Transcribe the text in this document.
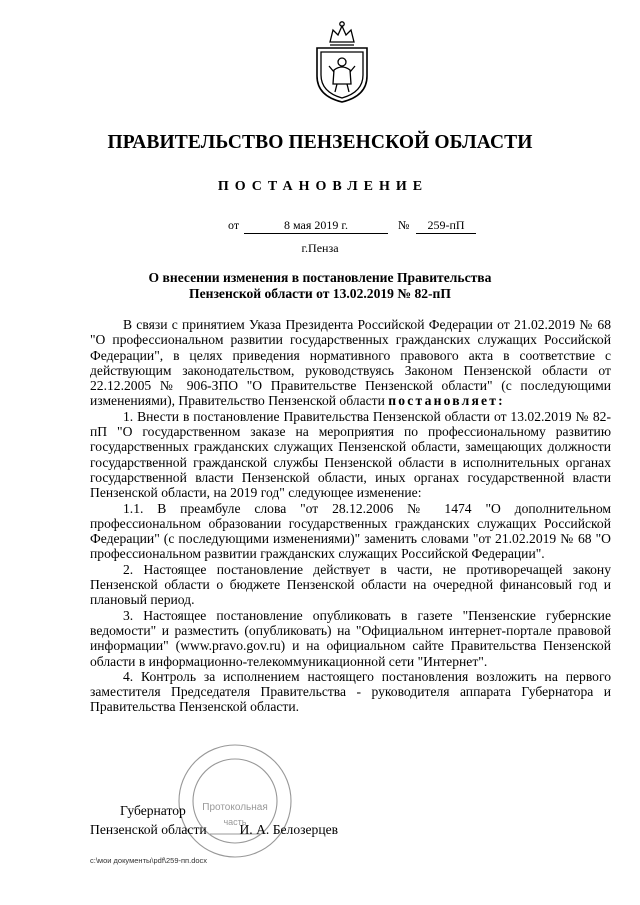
ПРАВИТЕЛЬСТВО ПЕНЗЕНСКОЙ ОБЛАСТИ
ПОСТАНОВЛЕНИЕ
от	8 мая 2019 г.	№	259-пП
г.Пенза
О внесении изменения в постановление Правительства
Пензенской области от 13.02.2019 № 82-пП

В связи с принятием Указа Президента Российской Федерации от 21.02.2019 № 68 "О профессиональном развитии государственных гражданских служащих Российской Федерации", в целях приведения нормативного правового акта в соответствие с действующим законодательством, руководствуясь Законом Пензенской области от 22.12.2005 № 906-ЗПО "О Правительстве Пензенской области" (с последующими изменениями), Правительство Пензенской области постановляет:

1. Внести в постановление Правительства Пензенской области от 13.02.2019 № 82-пП "О государственном заказе на мероприятия по профессиональному развитию государственных гражданских служащих Пензенской области, замещающих должности государственной гражданской службы Пензенской области в исполнительных органах государственной власти Пензенской области, иных органах государственной власти Пензенской области, на 2019 год" следующее изменение:

1.1. В преамбуле слова "от 28.12.2006 № 1474 "О дополнительном профессиональном образовании государственных гражданских служащих Российской Федерации" (с последующими изменениями)" заменить словами "от 21.02.2019 № 68 "О профессиональном развитии гражданских служащих Российской Федерации".

2. Настоящее постановление действует в части, не противоречащей закону Пензенской области о бюджете Пензенской области на очередной финансовый год и плановый период.

3. Настоящее постановление опубликовать в газете "Пензенские губернские ведомости" и разместить (опубликовать) на "Официальном интернет-портале правовой информации" (www.pravo.gov.ru) и на официальном сайте Правительства Пензенской области в информационно-телекоммуникационной сети "Интернет".

4. Контроль за исполнением настоящего постановления возложить на первого заместителя Председателя Правительства - руководителя аппарата Губернатора и Правительства Пензенской области.

Протокольная
часть
Губернатор
Пензенской области И. А. Белозерцев
c:\мои документы\pdf\259-пп.docx
